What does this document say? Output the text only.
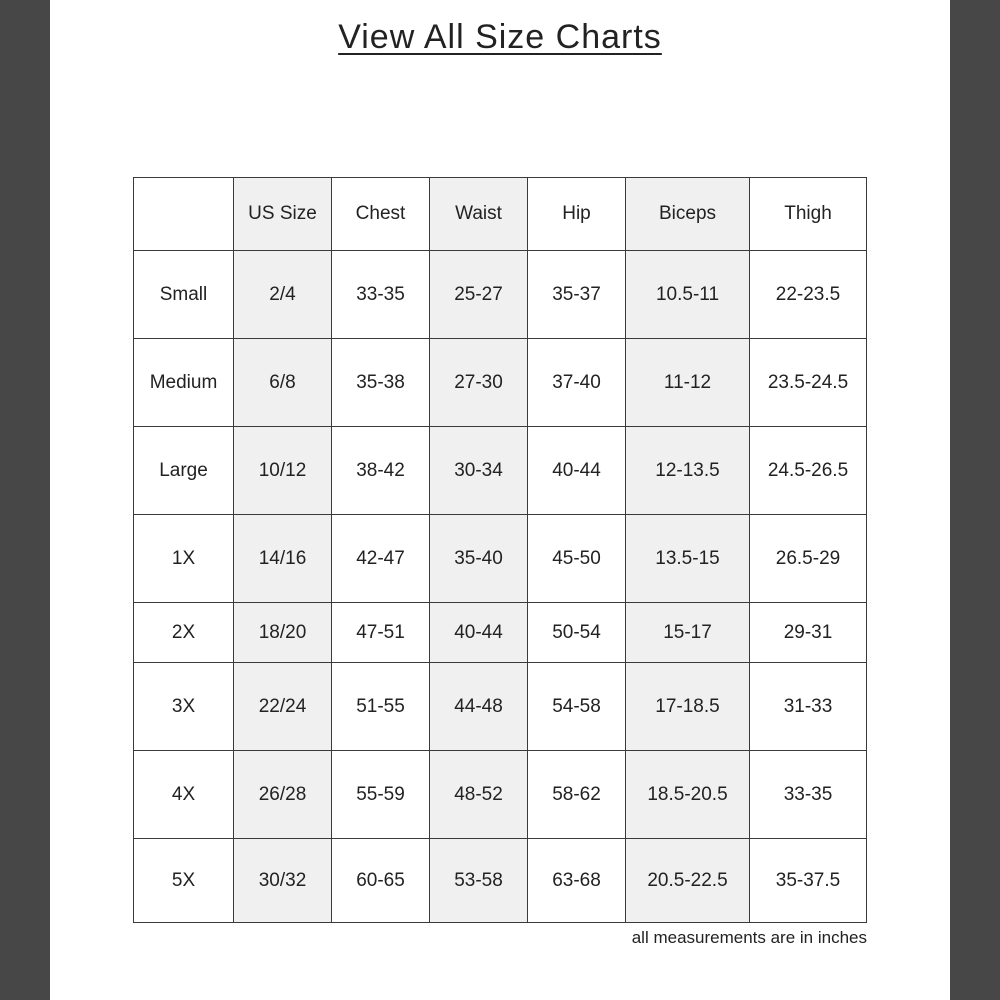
View All Size Charts
	US Size	Chest	Waist	Hip	Biceps	Thigh
Small	2/4	33-35	25-27	35-37	10.5-11	22-23.5
Medium	6/8	35-38	27-30	37-40	11-12	23.5-24.5
Large	10/12	38-42	30-34	40-44	12-13.5	24.5-26.5
1X	14/16	42-47	35-40	45-50	13.5-15	26.5-29
2X	18/20	47-51	40-44	50-54	15-17	29-31
3X	22/24	51-55	44-48	54-58	17-18.5	31-33
4X	26/28	55-59	48-52	58-62	18.5-20.5	33-35
5X	30/32	60-65	53-58	63-68	20.5-22.5	35-37.5
all measurements are in inches
